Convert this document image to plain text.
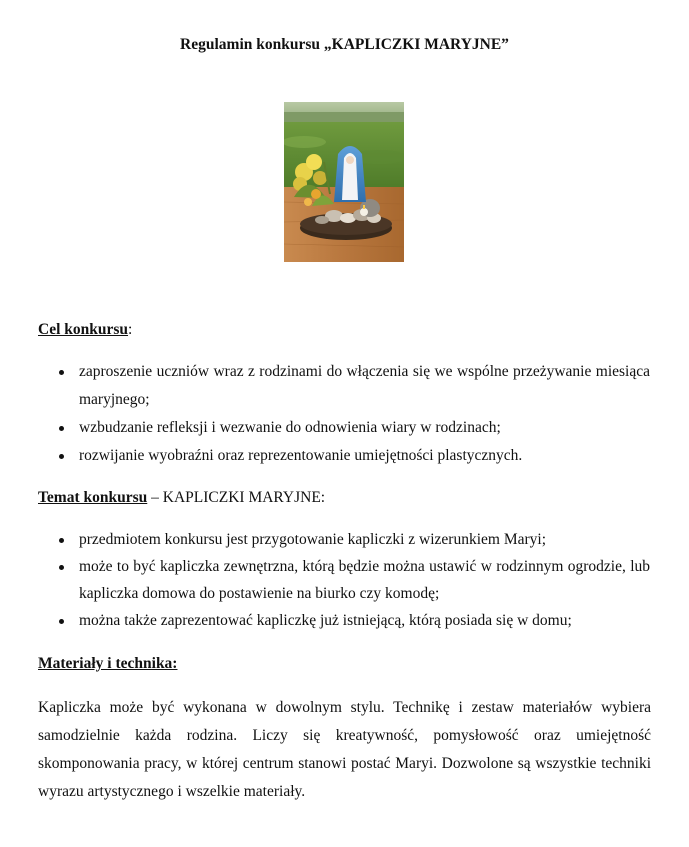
Regulamin konkursu „KAPLICZKI MARYJNE”
Cel konkursu:
zaproszenie uczniów wraz z rodzinami do włączenia się we wspólne przeżywanie miesiąca maryjnego;
wzbudzanie refleksji i wezwanie do odnowienia wiary w rodzinach;
rozwijanie wyobraźni oraz reprezentowanie umiejętności plastycznych.
Temat konkursu – KAPLICZKI MARYJNE:
przedmiotem konkursu jest przygotowanie kapliczki z wizerunkiem Maryi;
może to być kapliczka zewnętrzna, którą będzie można ustawić w rodzinnym ogrodzie, lub kapliczka domowa do postawienie na biurko czy komodę;
można także zaprezentować kapliczkę już istniejącą, którą posiada się w domu;
Materiały i technika:

Kapliczka może być wykonana w dowolnym stylu. Technikę i zestaw materiałów wybiera samodzielnie każda rodzina. Liczy się kreatywność, pomysłowość oraz umiejętność skomponowania pracy, w której centrum stanowi postać Maryi. Dozwolone są wszystkie techniki wyrazu artystycznego i wszelkie materiały.
